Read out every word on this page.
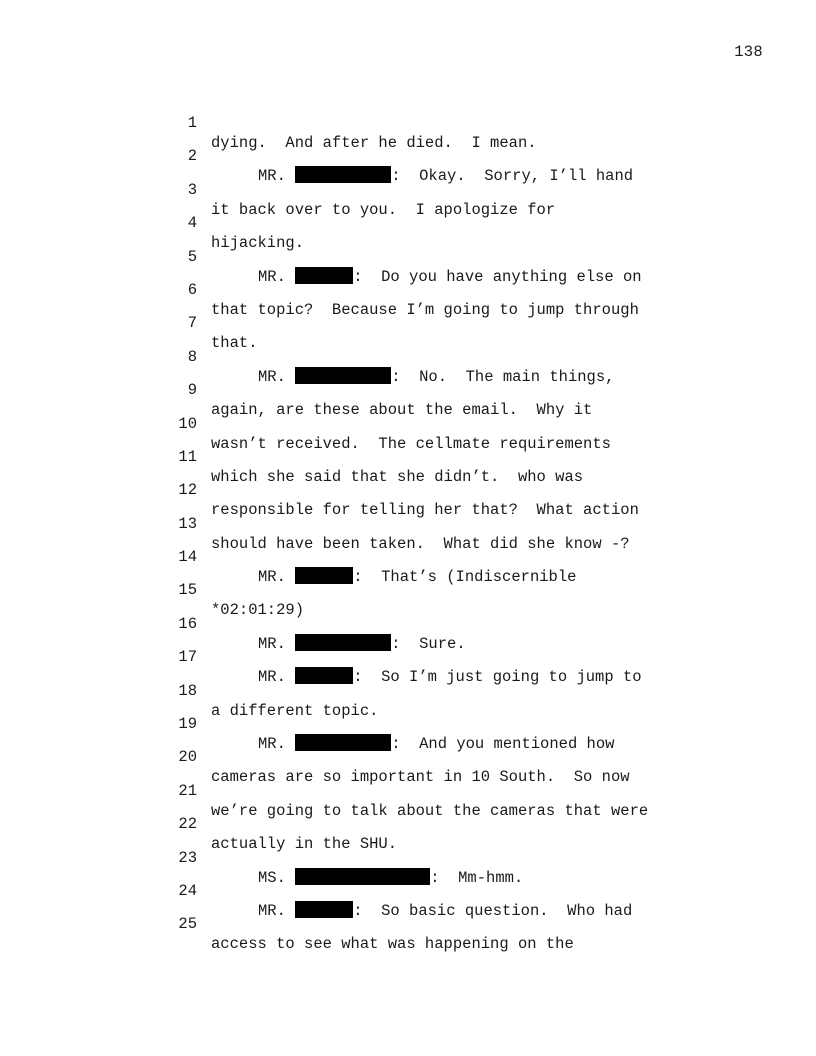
138

1

dying.  And after he died.  I mean.

2

MR.	:  Okay.  Sorry, I’ll hand

3

it back over to you.  I apologize for

4

hijacking.

5

MR.	:  Do you have anything else on

6

that topic?  Because I’m going to jump through

7

that.

8

MR.	:  No.  The main things,

9

again, are these about the email.  Why it

10

wasn’t received.  The cellmate requirements

11

which she said that she didn’t.  who was

12

responsible for telling her that?  What action

13

should have been taken.  What did she know -?

14

MR.	:  That’s (Indiscernible

15

*02:01:29)

16

MR.	:  Sure.

17

MR.	:  So I’m just going to jump to

18

a different topic.

19

MR.	:  And you mentioned how

20

cameras are so important in 10 South.  So now

21

we’re going to talk about the cameras that were

22

actually in the SHU.

23

MS.	:  Mm-hmm.

24

MR.	:  So basic question.  Who had

25

access to see what was happening on the
